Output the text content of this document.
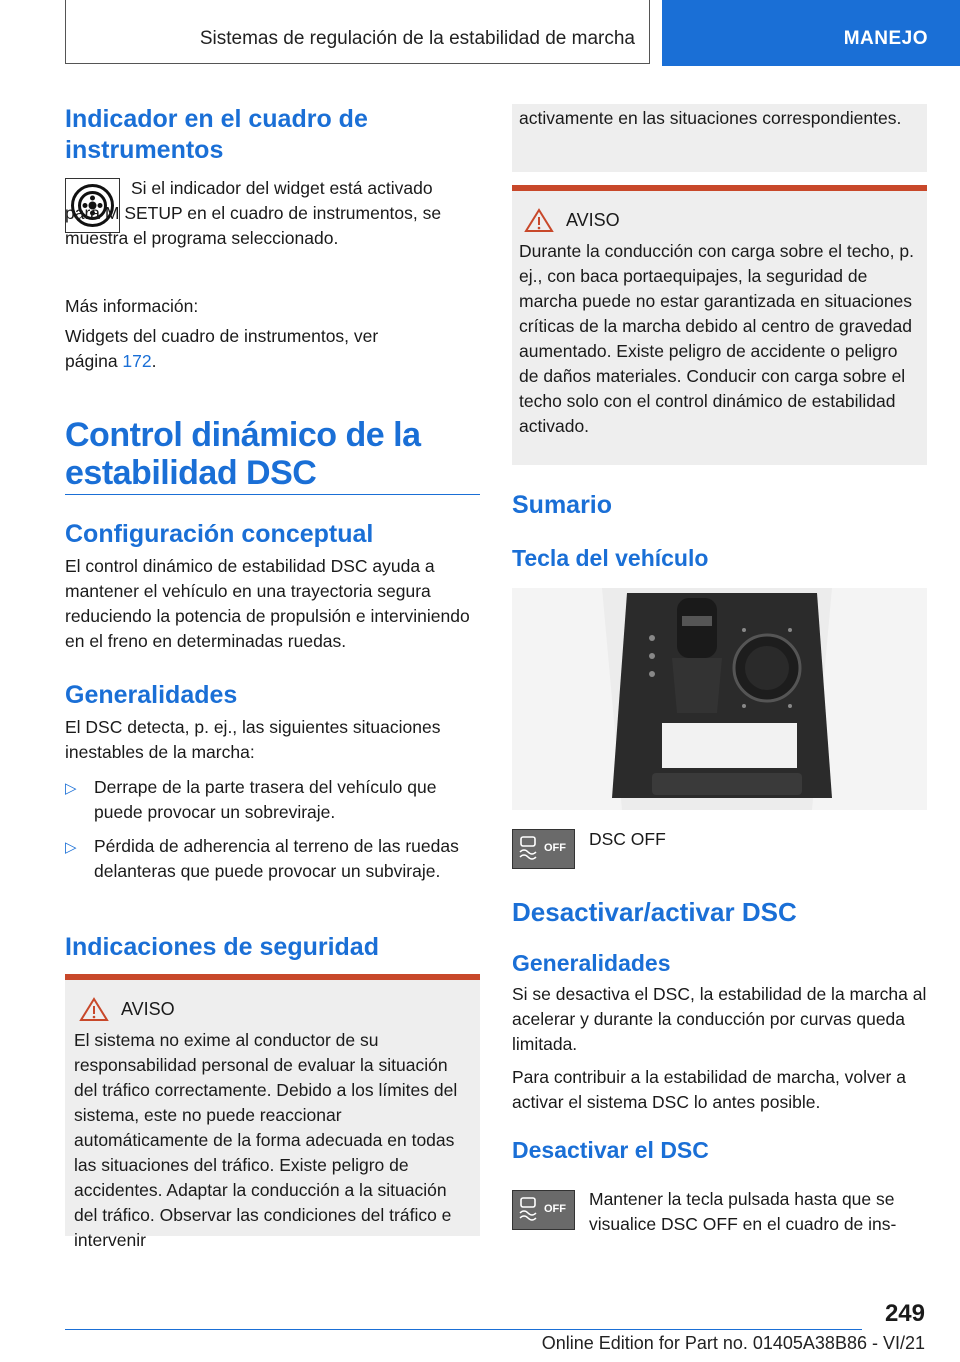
Sistemas de regulación de la estabilidad de marcha	MANEJO
Indicador en el cuadro de instrumentos

Si el indicador del widget está activado para M SETUP en el cuadro de instrumentos, se muestra el programa seleccionado.

Más información:

Widgets del cuadro de instrumentos, ver página 172.

Control dinámico de la estabilidad DSC
Configuración conceptual

El control dinámico de estabilidad DSC ayuda a mantener el vehículo en una trayectoria segura reduciendo la potencia de propulsión e interviniendo en el freno en determinadas ruedas.

Generalidades

El DSC detecta, p. ej., las siguientes situaciones inestables de la marcha:

▷ Derrape de la parte trasera del vehículo que puede provocar un sobreviraje.
▷ Pérdida de adherencia al terreno de las ruedas delanteras que puede provocar un subviraje.
Indicaciones de seguridad
AVISO

El sistema no exime al conductor de su responsabilidad personal de evaluar la situación del tráfico correctamente. Debido a los límites del sistema, este no puede reaccionar automáticamente de la forma adecuada en todas las situaciones del tráfico. Existe peligro de accidentes. Adaptar la conducción a la situación del tráfico. Observar las condiciones del tráfico e intervenir

activamente en las situaciones correspondientes.

AVISO

Durante la conducción con carga sobre el techo, p. ej., con baca portaequipajes, la seguridad de marcha puede no estar garantizada en situaciones críticas de la marcha debido al centro de gravedad aumentado. Existe peligro de accidente o peligro de daños materiales. Conducir con carga sobre el techo solo con el control dinámico de estabilidad activado.

Sumario
Tecla del vehículo
OFF DSC OFF

Desactivar/activar DSC
Generalidades

Si se desactiva el DSC, la estabilidad de la marcha al acelerar y durante la conducción por curvas queda limitada.

Para contribuir a la estabilidad de marcha, volver a activar el sistema DSC lo antes posible.

Desactivar el DSC
OFF Mantener la tecla pulsada hasta que se visualice DSC OFF en el cuadro de ins-

249
Online Edition for Part no. 01405A38B86 - VI/21
